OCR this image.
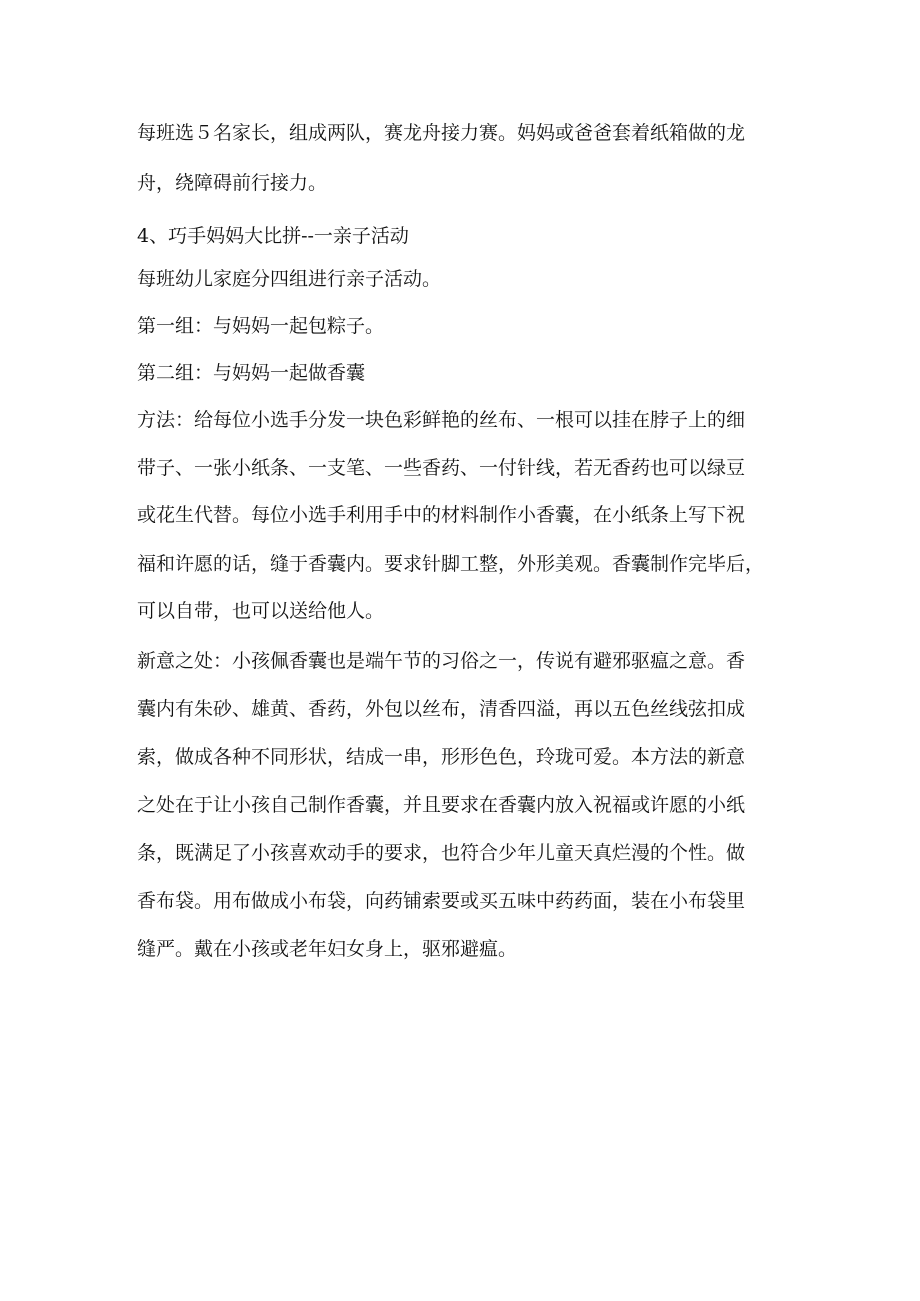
每班选５名家长，组成两队，赛龙舟接力赛。妈妈或爸爸套着纸箱做的龙

舟，绕障碍前行接力。

4、巧手妈妈大比拼--一亲子活动

每班幼儿家庭分四组进行亲子活动。

第一组：与妈妈一起包粽子。

第二组：与妈妈一起做香囊

方法：给每位小选手分发一块色彩鲜艳的丝布、一根可以挂在脖子上的细

带子、一张小纸条、一支笔、一些香药、一付针线，若无香药也可以绿豆

或花生代替。每位小选手利用手中的材料制作小香囊，在小纸条上写下祝

福和许愿的话，缝于香囊内。要求针脚工整，外形美观。香囊制作完毕后，

可以自带，也可以送给他人。

新意之处：小孩佩香囊也是端午节的习俗之一，传说有避邪驱瘟之意。香

囊内有朱砂、雄黄、香药，外包以丝布，清香四溢，再以五色丝线弦扣成

索，做成各种不同形状，结成一串，形形色色，玲珑可爱。本方法的新意

之处在于让小孩自己制作香囊，并且要求在香囊内放入祝福或许愿的小纸

条，既满足了小孩喜欢动手的要求，也符合少年儿童天真烂漫的个性。做

香布袋。用布做成小布袋，向药铺索要或买五味中药药面，装在小布袋里

缝严。戴在小孩或老年妇女身上，驱邪避瘟。
